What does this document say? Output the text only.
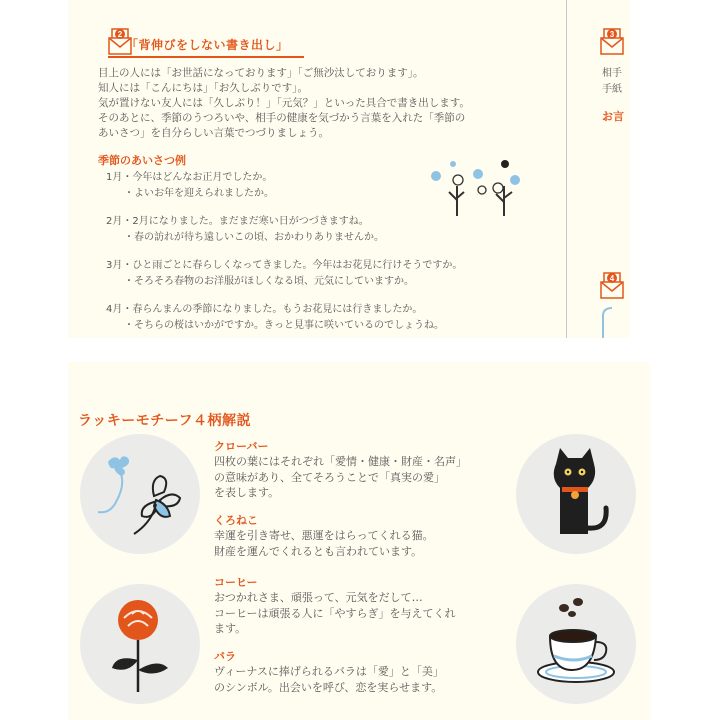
2
「背伸びをしない書き出し」
目上の人には「お世話になっております」「ご無沙汰しております」。
知人には「こんにちは」「お久しぶりです」。
気が置けない友人には「久しぶり！」「元気？」といった具合で書き出します。
そのあとに、季節のうつろいや、相手の健康を気づかう言葉を入れた「季節の
あいさつ」を自分らしい言葉でつづりましょう。
季節のあいさつ例
1月・今年はどんなお正月でしたか。
・よいお年を迎えられましたか。
2月・2月になりました。まだまだ寒い日がつづきますね。
・春の訪れが待ち遠しいこの頃、おかわりありませんか。
3月・ひと雨ごとに春らしくなってきました。今年はお花見に行けそうですか。
・そろそろ春物のお洋服がほしくなる頃、元気にしていますか。
4月・春らんまんの季節になりました。もうお花見には行きましたか。
・そちらの桜はいかがですか。きっと見事に咲いているのでしょうね。
3
相手
手紙
お言
4
ラッキーモチーフ４柄解説
クローバー
四枚の葉にはそれぞれ「愛情・健康・財産・名声」
の意味があり、全てそろうことで「真実の愛」
を表します。
くろねこ
幸運を引き寄せ、悪運をはらってくれる猫。
財産を運んでくれるとも言われています。
コーヒー
おつかれさま、頑張って、元気をだして…
コーヒーは頑張る人に「やすらぎ」を与えてくれ
ます。
バラ
ヴィーナスに捧げられるバラは「愛」と「美」
のシンボル。出会いを呼び、恋を実らせます。
